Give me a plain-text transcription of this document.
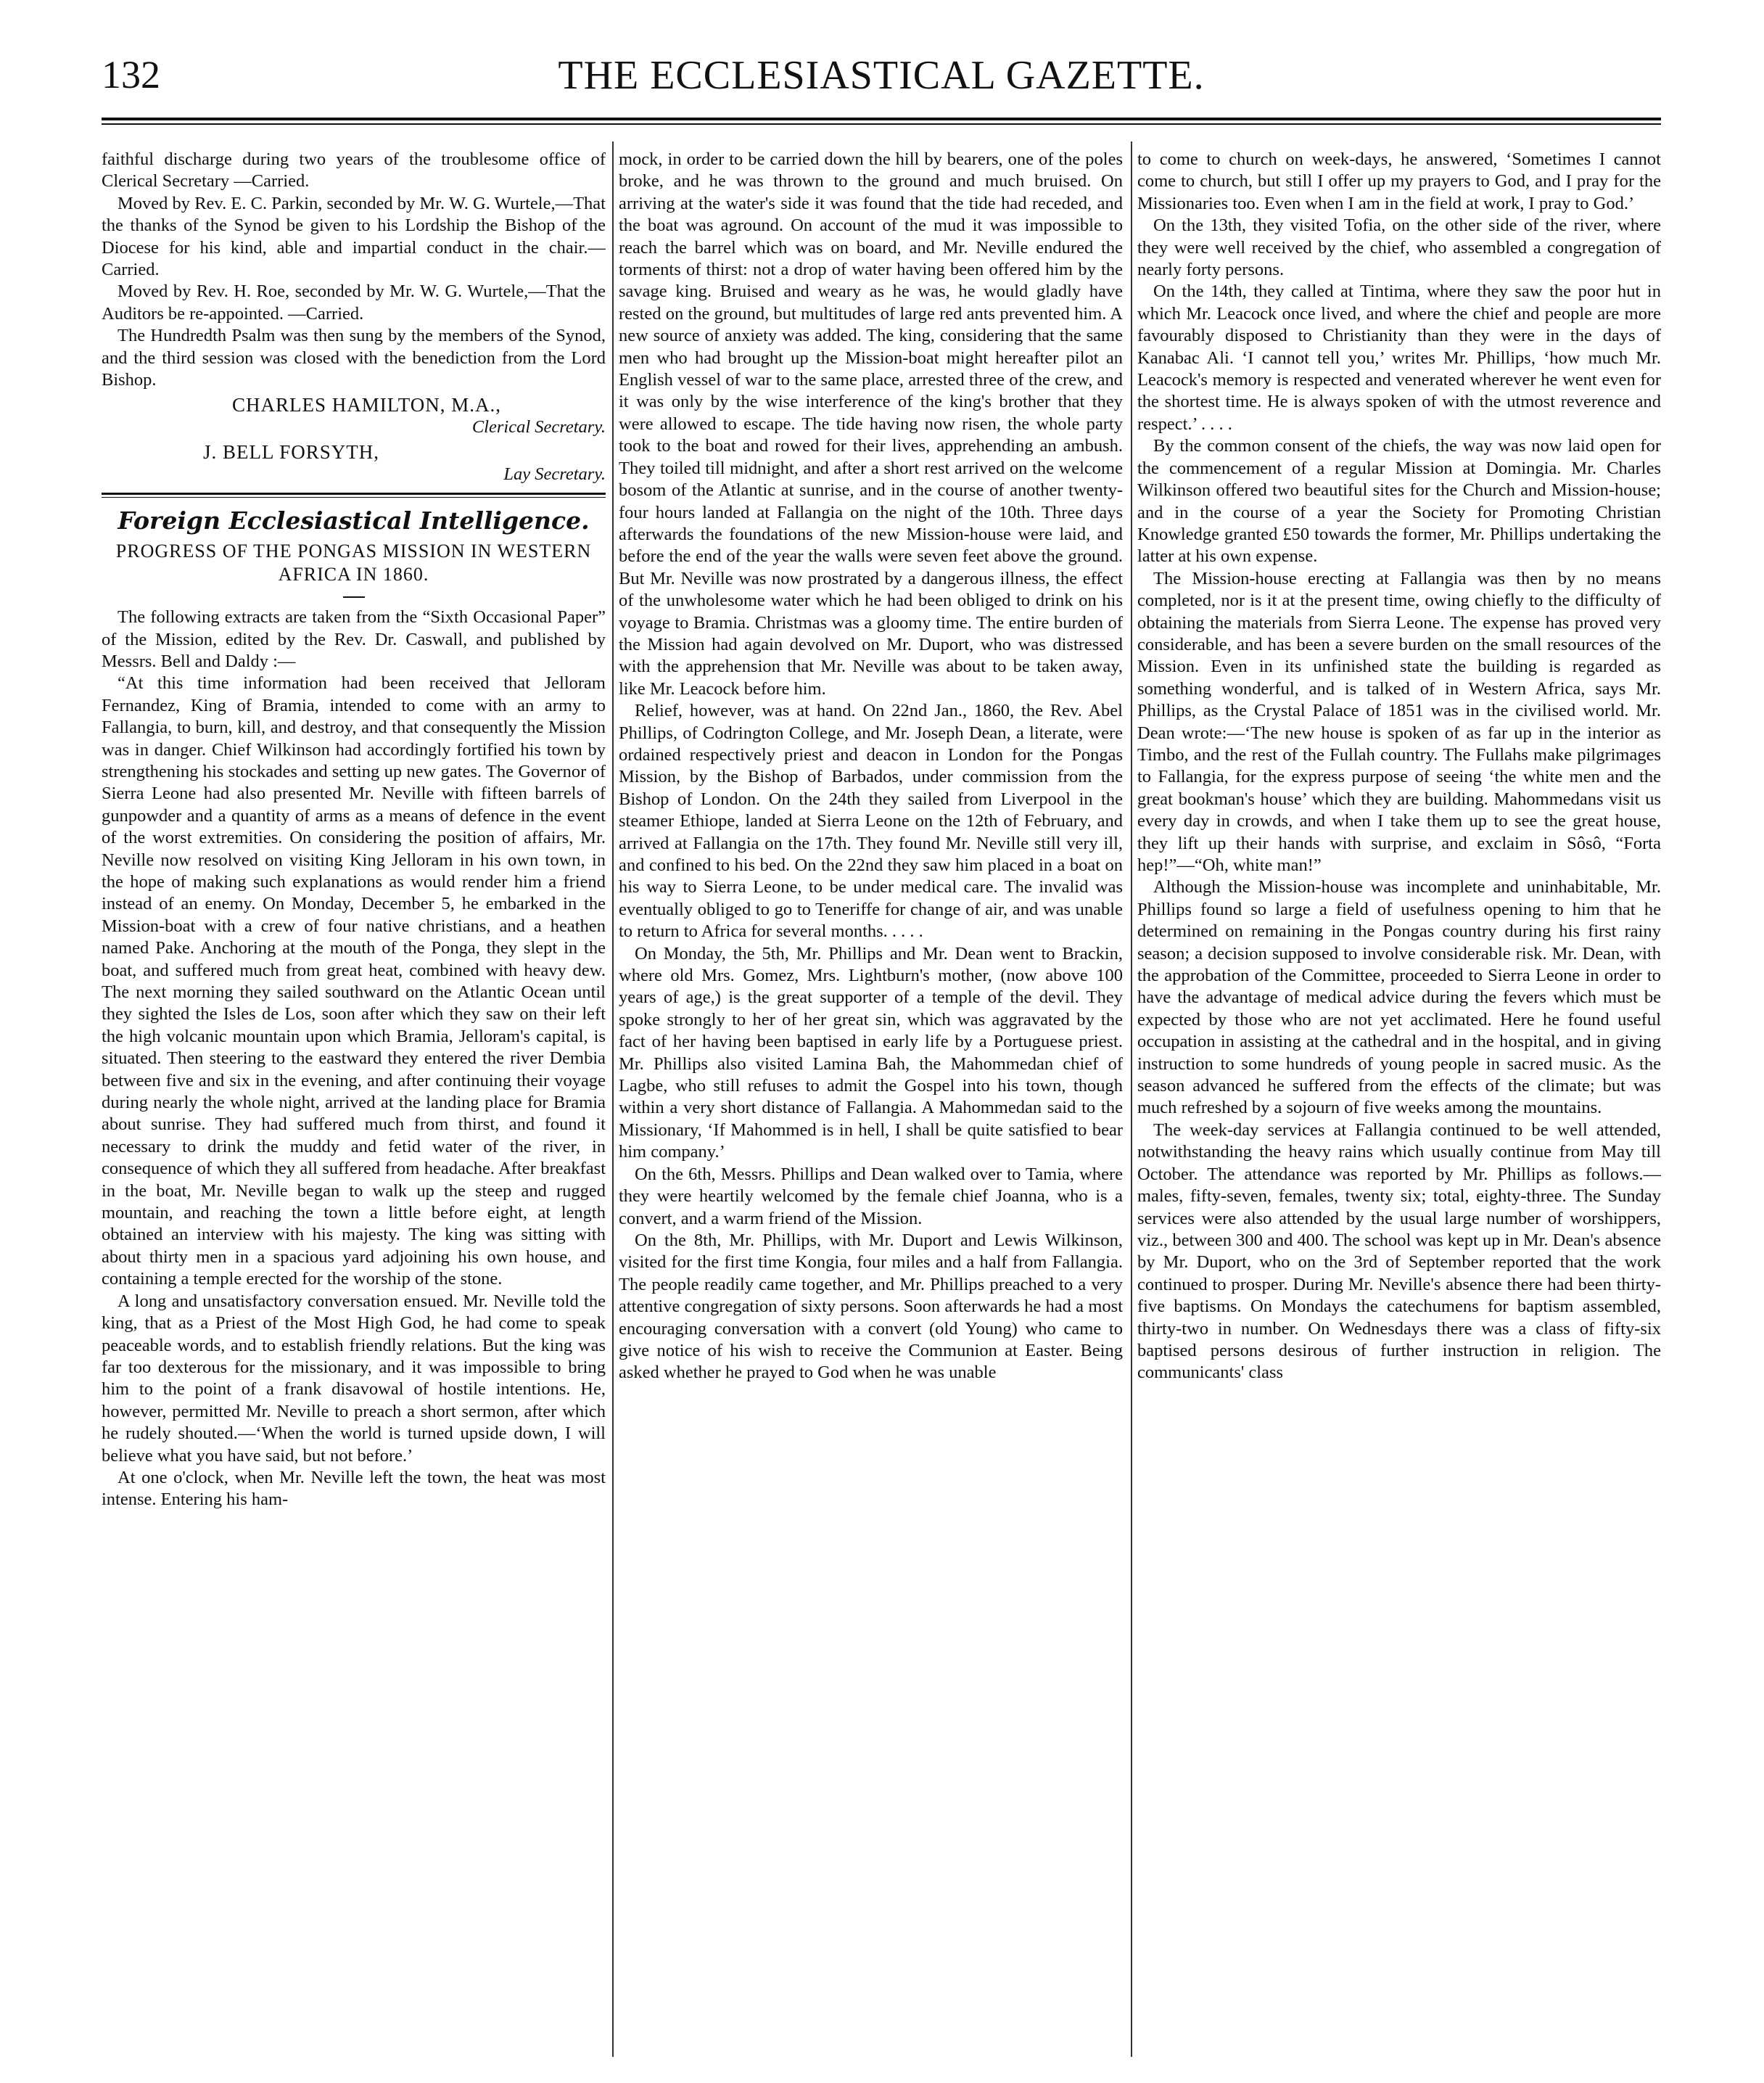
132	THE ECCLESIASTICAL GAZETTE.

faithful discharge during two years of the troublesome office of Clerical Secretary —Carried.

Moved by Rev. E. C. Parkin, seconded by Mr. W. G. Wurtele,—That the thanks of the Synod be given to his Lordship the Bishop of the Diocese for his kind, able and impartial conduct in the chair.—Carried.

Moved by Rev. H. Roe, seconded by Mr. W. G. Wurtele,—That the Auditors be re-appointed. —Carried.

The Hundredth Psalm was then sung by the members of the Synod, and the third session was closed with the benediction from the Lord Bishop.

CHARLES HAMILTON, M.A.,
Clerical Secretary.
J. BELL FORSYTH,
Lay Secretary.
Foreign Ecclesiastical Intelligence.
PROGRESS OF THE PONGAS MISSION IN WESTERN AFRICA IN 1860.

The following extracts are taken from the “Sixth Occasional Paper” of the Mission, edited by the Rev. Dr. Caswall, and published by Messrs. Bell and Daldy :—

“At this time information had been received that Jelloram Fernandez, King of Bramia, intended to come with an army to Fallangia, to burn, kill, and destroy, and that consequently the Mission was in danger. Chief Wilkinson had accordingly fortified his town by strengthening his stockades and setting up new gates. The Governor of Sierra Leone had also presented Mr. Neville with fifteen barrels of gunpowder and a quantity of arms as a means of defence in the event of the worst extremities. On considering the position of affairs, Mr. Neville now resolved on visiting King Jelloram in his own town, in the hope of making such explanations as would render him a friend instead of an enemy. On Monday, December 5, he embarked in the Mission-boat with a crew of four native christians, and a heathen named Pake. Anchoring at the mouth of the Ponga, they slept in the boat, and suffered much from great heat, combined with heavy dew. The next morning they sailed southward on the Atlantic Ocean until they sighted the Isles de Los, soon after which they saw on their left the high volcanic mountain upon which Bramia, Jelloram's capital, is situated. Then steering to the eastward they entered the river Dembia between five and six in the evening, and after continuing their voyage during nearly the whole night, arrived at the landing place for Bramia about sunrise. They had suffered much from thirst, and found it necessary to drink the muddy and fetid water of the river, in consequence of which they all suffered from headache. After breakfast in the boat, Mr. Neville began to walk up the steep and rugged mountain, and reaching the town a little before eight, at length obtained an interview with his majesty. The king was sitting with about thirty men in a spacious yard adjoining his own house, and containing a temple erected for the worship of the stone.

A long and unsatisfactory conversation ensued. Mr. Neville told the king, that as a Priest of the Most High God, he had come to speak peaceable words, and to establish friendly relations. But the king was far too dexterous for the missionary, and it was impossible to bring him to the point of a frank disavowal of hostile intentions. He, however, permitted Mr. Neville to preach a short sermon, after which he rudely shouted.—‘When the world is turned upside down, I will believe what you have said, but not before.’

At one o'clock, when Mr. Neville left the town, the heat was most intense. Entering his ham-

mock, in order to be carried down the hill by bearers, one of the poles broke, and he was thrown to the ground and much bruised. On arriving at the water's side it was found that the tide had receded, and the boat was aground. On account of the mud it was impossible to reach the barrel which was on board, and Mr. Neville endured the torments of thirst: not a drop of water having been offered him by the savage king. Bruised and weary as he was, he would gladly have rested on the ground, but multitudes of large red ants prevented him. A new source of anxiety was added. The king, considering that the same men who had brought up the Mission-boat might hereafter pilot an English vessel of war to the same place, arrested three of the crew, and it was only by the wise interference of the king's brother that they were allowed to escape. The tide having now risen, the whole party took to the boat and rowed for their lives, apprehending an ambush. They toiled till midnight, and after a short rest arrived on the welcome bosom of the Atlantic at sunrise, and in the course of another twenty-four hours landed at Fallangia on the night of the 10th. Three days afterwards the foundations of the new Mission-house were laid, and before the end of the year the walls were seven feet above the ground. But Mr. Neville was now prostrated by a dangerous illness, the effect of the unwholesome water which he had been obliged to drink on his voyage to Bramia. Christmas was a gloomy time. The entire burden of the Mission had again devolved on Mr. Duport, who was distressed with the apprehension that Mr. Neville was about to be taken away, like Mr. Leacock before him.

Relief, however, was at hand. On 22nd Jan., 1860, the Rev. Abel Phillips, of Codrington College, and Mr. Joseph Dean, a literate, were ordained respectively priest and deacon in London for the Pongas Mission, by the Bishop of Barbados, under commission from the Bishop of London. On the 24th they sailed from Liverpool in the steamer Ethiope, landed at Sierra Leone on the 12th of February, and arrived at Fallangia on the 17th. They found Mr. Neville still very ill, and confined to his bed. On the 22nd they saw him placed in a boat on his way to Sierra Leone, to be under medical care. The invalid was eventually obliged to go to Teneriffe for change of air, and was unable to return to Africa for several months. . . . .

On Monday, the 5th, Mr. Phillips and Mr. Dean went to Brackin, where old Mrs. Gomez, Mrs. Lightburn's mother, (now above 100 years of age,) is the great supporter of a temple of the devil. They spoke strongly to her of her great sin, which was aggravated by the fact of her having been baptised in early life by a Portuguese priest. Mr. Phillips also visited Lamina Bah, the Mahommedan chief of Lagbe, who still refuses to admit the Gospel into his town, though within a very short distance of Fallangia. A Mahommedan said to the Missionary, ‘If Mahommed is in hell, I shall be quite satisfied to bear him company.’

On the 6th, Messrs. Phillips and Dean walked over to Tamia, where they were heartily welcomed by the female chief Joanna, who is a convert, and a warm friend of the Mission.

On the 8th, Mr. Phillips, with Mr. Duport and Lewis Wilkinson, visited for the first time Kongia, four miles and a half from Fallangia. The people readily came together, and Mr. Phillips preached to a very attentive congregation of sixty persons. Soon afterwards he had a most encouraging conversation with a convert (old Young) who came to give notice of his wish to receive the Communion at Easter. Being asked whether he prayed to God when he was unable

to come to church on week-days, he answered, ‘Sometimes I cannot come to church, but still I offer up my prayers to God, and I pray for the Missionaries too. Even when I am in the field at work, I pray to God.’

On the 13th, they visited Tofia, on the other side of the river, where they were well received by the chief, who assembled a congregation of nearly forty persons.

On the 14th, they called at Tintima, where they saw the poor hut in which Mr. Leacock once lived, and where the chief and people are more favourably disposed to Christianity than they were in the days of Kanabac Ali. ‘I cannot tell you,’ writes Mr. Phillips, ‘how much Mr. Leacock's memory is respected and venerated wherever he went even for the shortest time. He is always spoken of with the utmost reverence and respect.’ . . . .

By the common consent of the chiefs, the way was now laid open for the commencement of a regular Mission at Domingia. Mr. Charles Wilkinson offered two beautiful sites for the Church and Mission-house; and in the course of a year the Society for Promoting Christian Knowledge granted £50 towards the former, Mr. Phillips undertaking the latter at his own expense.

The Mission-house erecting at Fallangia was then by no means completed, nor is it at the present time, owing chiefly to the difficulty of obtaining the materials from Sierra Leone. The expense has proved very considerable, and has been a severe burden on the small resources of the Mission. Even in its unfinished state the building is regarded as something wonderful, and is talked of in Western Africa, says Mr. Phillips, as the Crystal Palace of 1851 was in the civilised world. Mr. Dean wrote:—‘The new house is spoken of as far up in the interior as Timbo, and the rest of the Fullah country. The Fullahs make pilgrimages to Fallangia, for the express purpose of seeing ‘the white men and the great bookman's house’ which they are building. Mahommedans visit us every day in crowds, and when I take them up to see the great house, they lift up their hands with surprise, and exclaim in Sôsô, “Forta hep!”—“Oh, white man!”

Although the Mission-house was incomplete and uninhabitable, Mr. Phillips found so large a field of usefulness opening to him that he determined on remaining in the Pongas country during his first rainy season; a decision supposed to involve considerable risk. Mr. Dean, with the approbation of the Committee, proceeded to Sierra Leone in order to have the advantage of medical advice during the fevers which must be expected by those who are not yet acclimated. Here he found useful occupation in assisting at the cathedral and in the hospital, and in giving instruction to some hundreds of young people in sacred music. As the season advanced he suffered from the effects of the climate; but was much refreshed by a sojourn of five weeks among the mountains.

The week-day services at Fallangia continued to be well attended, notwithstanding the heavy rains which usually continue from May till October. The attendance was reported by Mr. Phillips as follows.—males, fifty-seven, females, twenty six; total, eighty-three. The Sunday services were also attended by the usual large number of worshippers, viz., between 300 and 400. The school was kept up in Mr. Dean's absence by Mr. Duport, who on the 3rd of September reported that the work continued to prosper. During Mr. Neville's absence there had been thirty-five baptisms. On Mondays the catechumens for baptism assembled, thirty-two in number. On Wednesdays there was a class of fifty-six baptised persons desirous of further instruction in religion. The communicants' class
